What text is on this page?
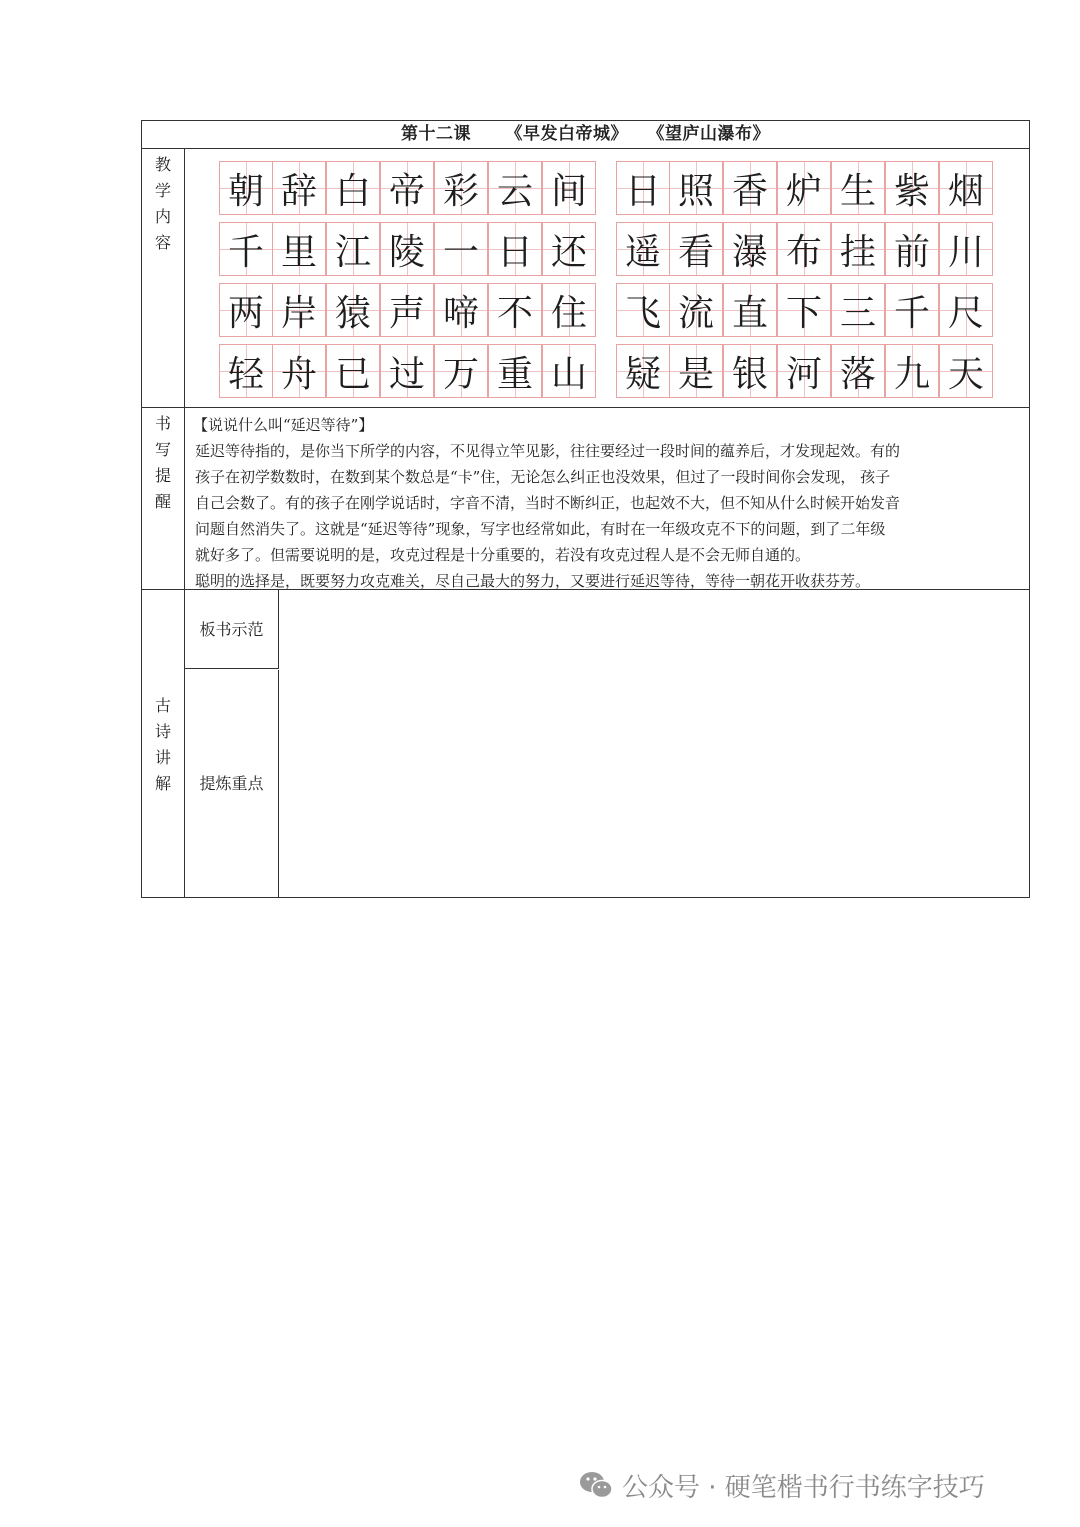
第十二课 《早发白帝城》 《望庐山瀑布》
教
学
内
容
朝 辞 白 帝 彩 云 间
千 里 江 陵 一 日 还
两 岸 猿 声 啼 不 住
轻 舟 已 过 万 重 山
日 照 香 炉 生 紫 烟
遥 看 瀑 布 挂 前 川
飞 流 直 下 三 千 尺
疑 是 银 河 落 九 天
书
写
提
醒

【说说什么叫“延迟等待”】

延迟等待指的，是你当下所学的内容，不见得立竿见影，往往要经过一段时间的蕴养后，才发现起效。有的

孩子在初学数数时，在数到某个数总是“卡”住，无论怎么纠正也没效果，但过了一段时间你会发现， 孩子

自己会数了。有的孩子在刚学说话时，字音不清，当时不断纠正，也起效不大，但不知从什么时候开始发音

问题自然消失了。这就是“延迟等待”现象，写字也经常如此，有时在一年级攻克不下的问题，到了二年级

就好多了。但需要说明的是，攻克过程是十分重要的，若没有攻克过程人是不会无师自通的。

聪明的选择是，既要努力攻克难关，尽自己最大的努力，又要进行延迟等待，等待一朝花开收获芬芳。

古
诗
讲
解
板书示范
提炼重点
公众号 · 硬笔楷书行书练字技巧
